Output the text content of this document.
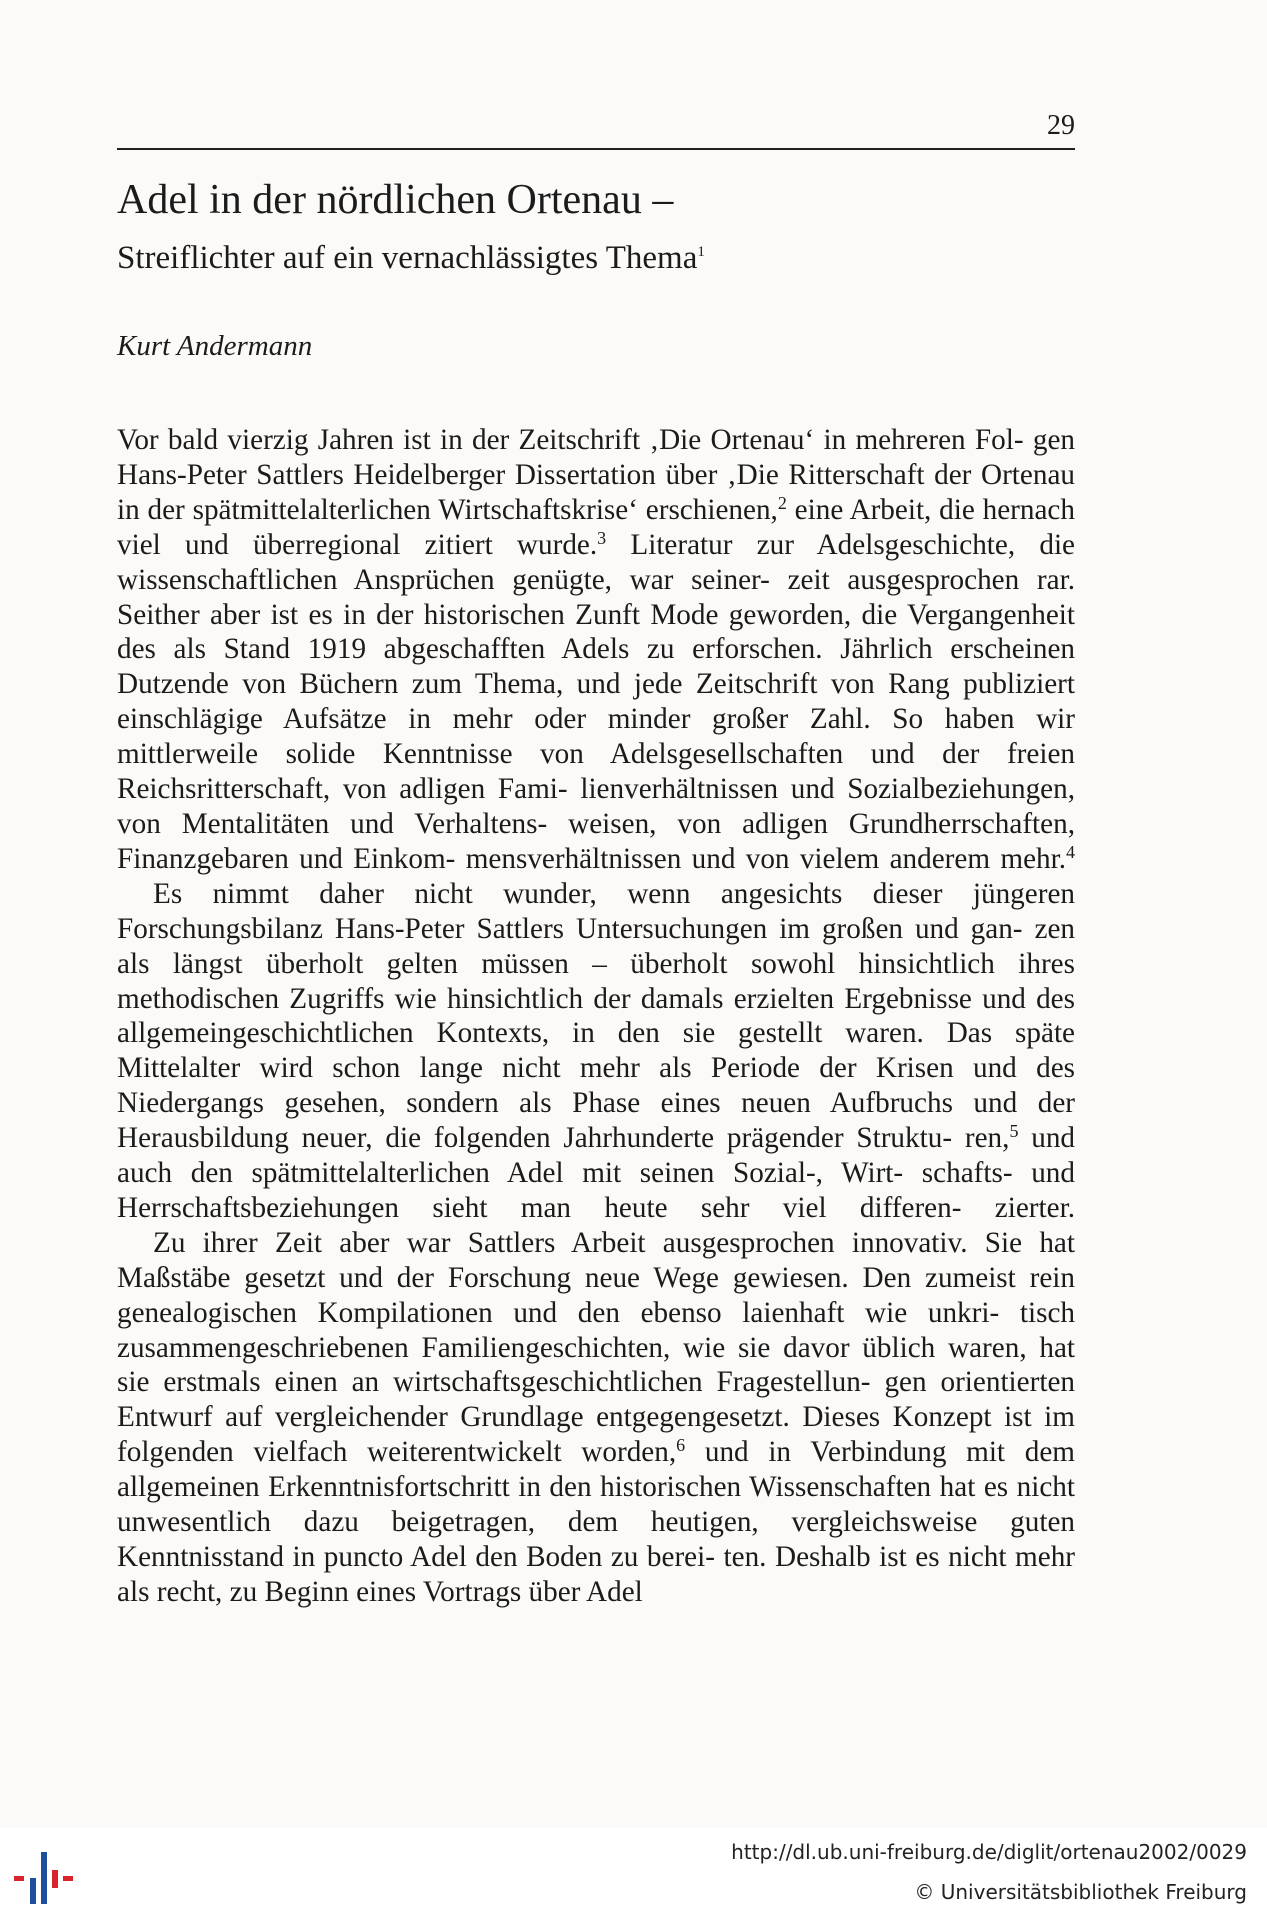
29
Adel in der nördlichen Ortenau –
Streiflichter auf ein vernachlässigtes Thema$^1$

Kurt Andermann

Vor bald vierzig Jahren ist in der Zeitschrift ‚Die Ortenau‘ in mehreren Fol- gen Hans-Peter Sattlers Heidelberger Dissertation über ‚Die Ritterschaft der Ortenau in der spätmittelalterlichen Wirtschaftskrise‘ erschienen,$^2$ eine Arbeit, die hernach viel und überregional zitiert wurde.$^3$ Literatur zur Adelsgeschichte, die wissenschaftlichen Ansprüchen genügte, war seiner- zeit ausgesprochen rar. Seither aber ist es in der historischen Zunft Mode geworden, die Vergangenheit des als Stand 1919 abgeschafften Adels zu erforschen. Jährlich erscheinen Dutzende von Büchern zum Thema, und jede Zeitschrift von Rang publiziert einschlägige Aufsätze in mehr oder minder großer Zahl. So haben wir mittlerweile solide Kenntnisse von Adelsgesellschaften und der freien Reichsritterschaft, von adligen Fami- lienverhältnissen und Sozialbeziehungen, von Mentalitäten und Verhaltens- weisen, von adligen Grundherrschaften, Finanzgebaren und Einkom- mensverhältnissen und von vielem anderem mehr.$^4$

Es nimmt daher nicht wunder, wenn angesichts dieser jüngeren Forschungsbilanz Hans-Peter Sattlers Untersuchungen im großen und gan- zen als längst überholt gelten müssen – überholt sowohl hinsichtlich ihres methodischen Zugriffs wie hinsichtlich der damals erzielten Ergebnisse und des allgemeingeschichtlichen Kontexts, in den sie gestellt waren. Das späte Mittelalter wird schon lange nicht mehr als Periode der Krisen und des Niedergangs gesehen, sondern als Phase eines neuen Aufbruchs und der Herausbildung neuer, die folgenden Jahrhunderte prägender Struktu- ren,$^5$ und auch den spätmittelalterlichen Adel mit seinen Sozial-, Wirt- schafts- und Herrschaftsbeziehungen sieht man heute sehr viel differen- zierter.

Zu ihrer Zeit aber war Sattlers Arbeit ausgesprochen innovativ. Sie hat Maßstäbe gesetzt und der Forschung neue Wege gewiesen. Den zumeist rein genealogischen Kompilationen und den ebenso laienhaft wie unkri- tisch zusammengeschriebenen Familiengeschichten, wie sie davor üblich waren, hat sie erstmals einen an wirtschaftsgeschichtlichen Fragestellun- gen orientierten Entwurf auf vergleichender Grundlage entgegengesetzt. Dieses Konzept ist im folgenden vielfach weiterentwickelt worden,$^6$ und in Verbindung mit dem allgemeinen Erkenntnisfortschritt in den historischen Wissenschaften hat es nicht unwesentlich dazu beigetragen, dem heutigen, vergleichsweise guten Kenntnisstand in puncto Adel den Boden zu berei- ten. Deshalb ist es nicht mehr als recht, zu Beginn eines Vortrags über Adel

http://dl.ub.uni-freiburg.de/diglit/ortenau2002/0029
© Universitätsbibliothek Freiburg
